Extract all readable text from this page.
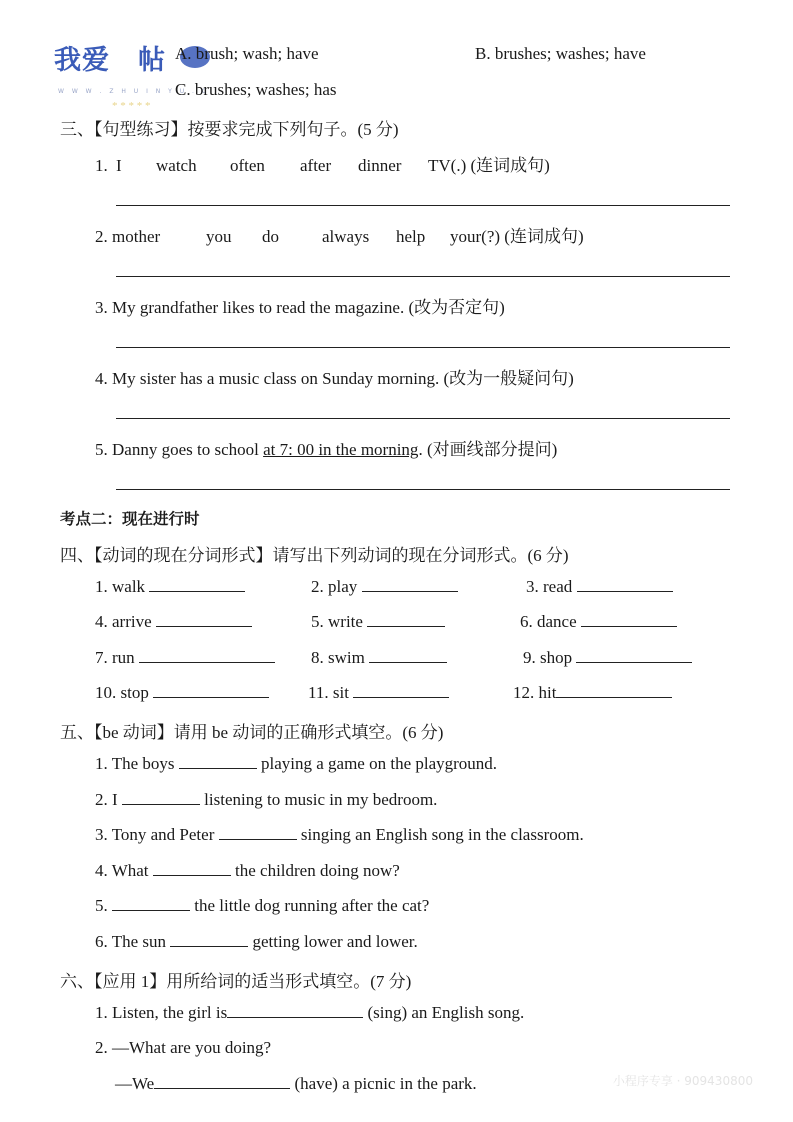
我爱 帖
W W W . Z H U I N Y U . C
* * * * *
A. brush; wash; have	B. brushes; washes; have
C. brushes; washes; has
三、【句型练习】按要求完成下列句子。(5 分)
1. I watch often after dinner TV(.) (连词成句)
2. mother	you do	always help your(?) (连词成句)
3. My grandfather likes to read the magazine. (改为否定句)
4. My sister has a music class on Sunday morning. (改为一般疑问句)
5. Danny goes to school at 7: 00 in the morning. (对画线部分提问)
考点二：现在进行时
四、【动词的现在分词形式】请写出下列动词的现在分词形式。(6 分)
1. walk	2. play	3. read
4. arrive	5. write	6. dance
7. run	8. swim	9. shop
10. stop	11. sit	12. hit
五、【be 动词】请用 be 动词的正确形式填空。(6 分)
1. The boys	playing a game on the playground.
2. I	listening to music in my bedroom.
3. Tony and Peter	singing an English song in the classroom.
4. What	the children doing now?
5.	the little dog running after the cat?
6. The sun	getting lower and lower.
六、【应用 1】用所给词的适当形式填空。(7 分)
1. Listen, the girl is	(sing) an English song.
2. —What are you doing?
—We	(have) a picnic in the park.	小程序专享 · 909430800
